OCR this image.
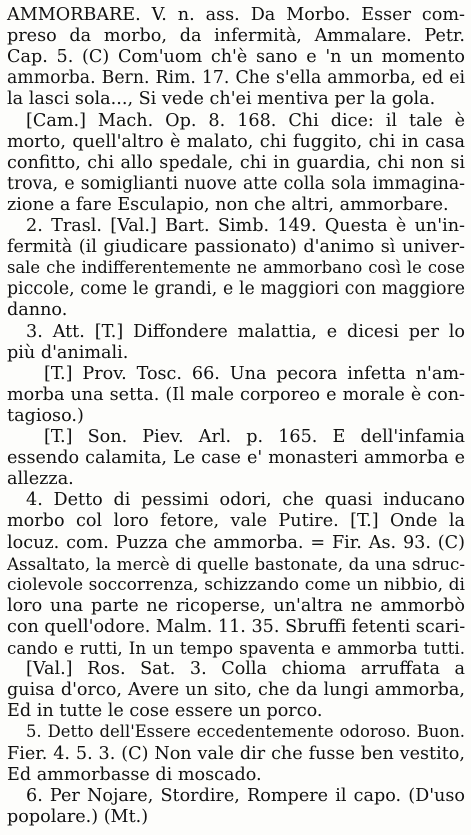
AMMORBARE. V. n. ass. Da Morbo. Esser com-
preso da morbo, da infermità, Ammalare. Petr.
Cap. 5. (C) Com'uom ch'è sano e 'n un momento
ammorba. Bern. Rim. 17. Che s'ella ammorba, ed ei
la lasci sola..., Si vede ch'ei mentiva per la gola.
[Cam.] Mach. Op. 8. 168. Chi dice: il tale è
morto, quell'altro è malato, chi fuggito, chi in casa
confitto, chi allo spedale, chi in guardia, chi non si
trova, e somiglianti nuove atte colla sola immagina-
zione a fare Esculapio, non che altri, ammorbare.
2. Trasl. [Val.] Bart. Simb. 149. Questa è un'in-
fermità (il giudicare passionato) d'animo sì univer-
sale che indifferentemente ne ammorbano così le cose
piccole, come le grandi, e le maggiori con maggiore
danno.
3. Att. [T.] Diffondere malattia, e dicesi per lo
più d'animali.
[T.] Prov. Tosc. 66. Una pecora infetta n'am-
morba una setta. (Il male corporeo e morale è con-
tagioso.)
[T.] Son. Piev. Arl. p. 165. E dell'infamia
essendo calamita, Le case e' monasteri ammorba e
allezza.
4. Detto di pessimi odori, che quasi inducano
morbo col loro fetore, vale Putire. [T.] Onde la
locuz. com. Puzza che ammorba. = Fir. As. 93. (C)
Assaltato, la mercè di quelle bastonate, da una sdruc-
ciolevole soccorrenza, schizzando come un nibbio, di
loro una parte ne ricoperse, un'altra ne ammorbò
con quell'odore. Malm. 11. 35. Sbruffi fetenti scari-
cando e rutti, In un tempo spaventa e ammorba tutti.
[Val.] Ros. Sat. 3. Colla chioma arruffata a
guisa d'orco, Avere un sito, che da lungi ammorba,
Ed in tutte le cose essere un porco.
5. Detto dell'Essere eccedentemente odoroso. Buon.
Fier. 4. 5. 3. (C) Non vale dir che fusse ben vestito,
Ed ammorbasse di moscado.
6. Per Nojare, Stordire, Rompere il capo. (D'uso
popolare.) (Mt.)
